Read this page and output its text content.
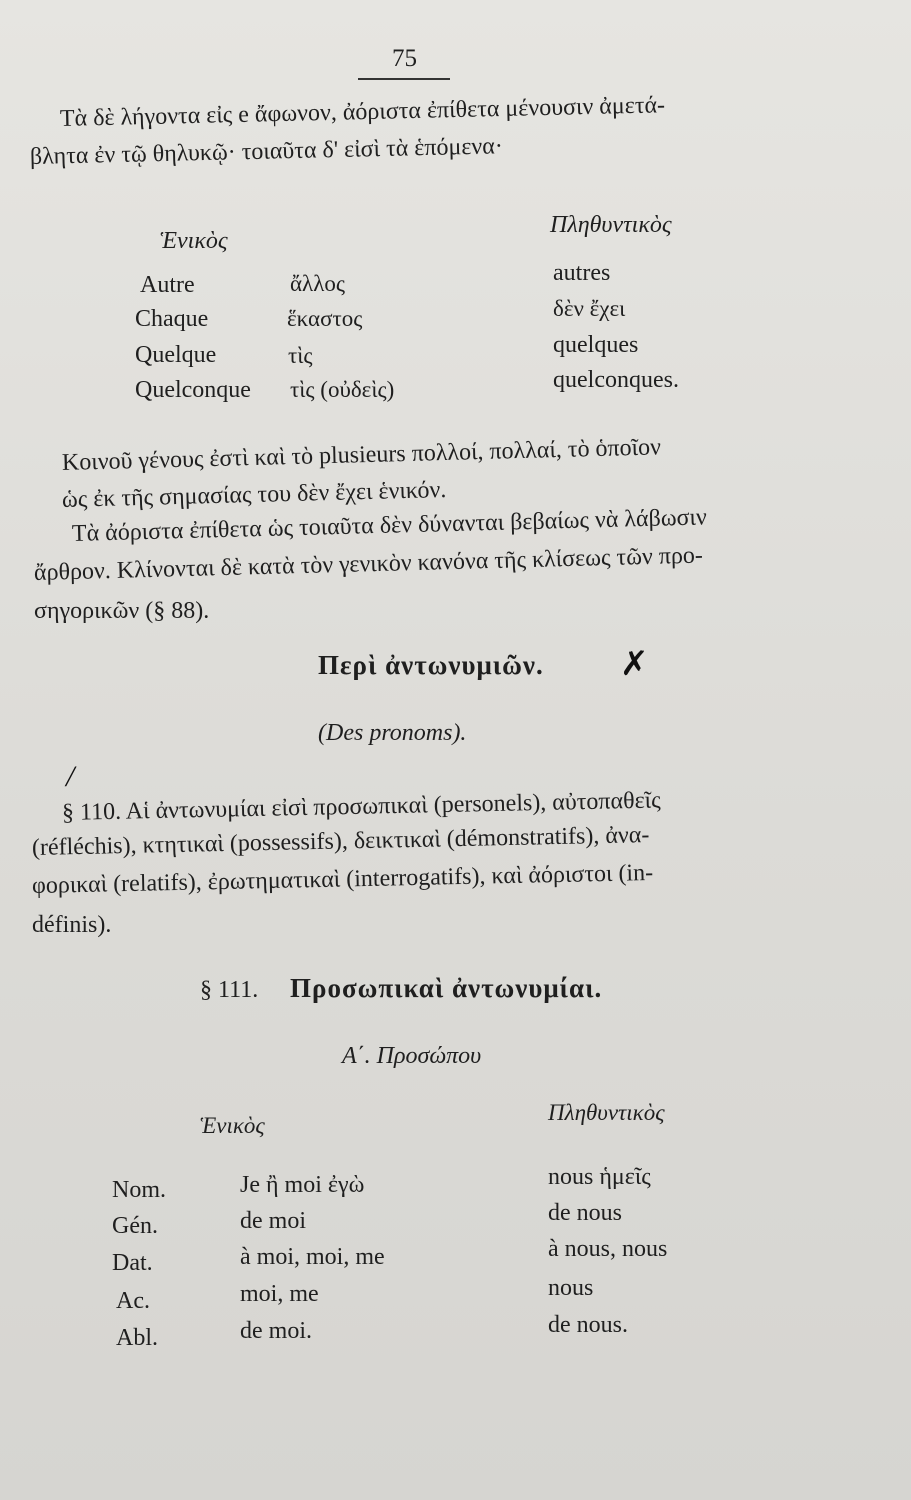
75
Τὰ δὲ λήγοντα εἰς e ἄφωνον, ἀόριστα ἐπίθετα μένουσιν ἀμετά-
βλητα ἐν τῷ θηλυκῷ· τοιαῦτα δ' εἰσὶ τὰ ἑπόμενα·
Ἑνικὸς
Πληθυντικὸς
Autre	ἄλλος	autres
Chaque	ἕκαστος	δὲν ἔχει
Quelque	τὶς	quelques
Quelconque τὶς (οὐδεὶς)	quelconques.
Κοινοῦ γένους ἐστὶ καὶ τὸ plusieurs πολλοί, πολλαί, τὸ ὁποῖον
ὡς ἐκ τῆς σημασίας του δὲν ἔχει ἑνικόν.
Τὰ ἀόριστα ἐπίθετα ὡς τοιαῦτα δὲν δύνανται βεβαίως νὰ λάβωσιν
ἄρθρον. Κλίνονται δὲ κατὰ τὸν γενικὸν κανόνα τῆς κλίσεως τῶν προ-
σηγορικῶν (§ 88).
Περὶ ἀντωνυμιῶν. ✗
(Des pronoms).
/
§ 110. Αἱ ἀντωνυμίαι εἰσὶ προσωπικαὶ (personels), αὐτοπαθεῖς
(réfléchis), κτητικαὶ (possessifs), δεικτικαὶ (démonstratifs), ἀνα-
φορικαὶ (relatifs), ἐρωτηματικαὶ (interrogatifs), καὶ ἀόριστοι (in-
définis).
§ 111. Προσωπικαὶ ἀντωνυμίαι.
Α΄. Προσώπου
Ἑνικὸς
Πληθυντικὸς
Nom.	Je ἢ moi ἐγὼ	nous ἡμεῖς
Gén.	de moi	de nous
Dat.	à moi, moi, me	à nous, nous
Ac.	moi, me	nous
Abl.	de moi.	de nous.
